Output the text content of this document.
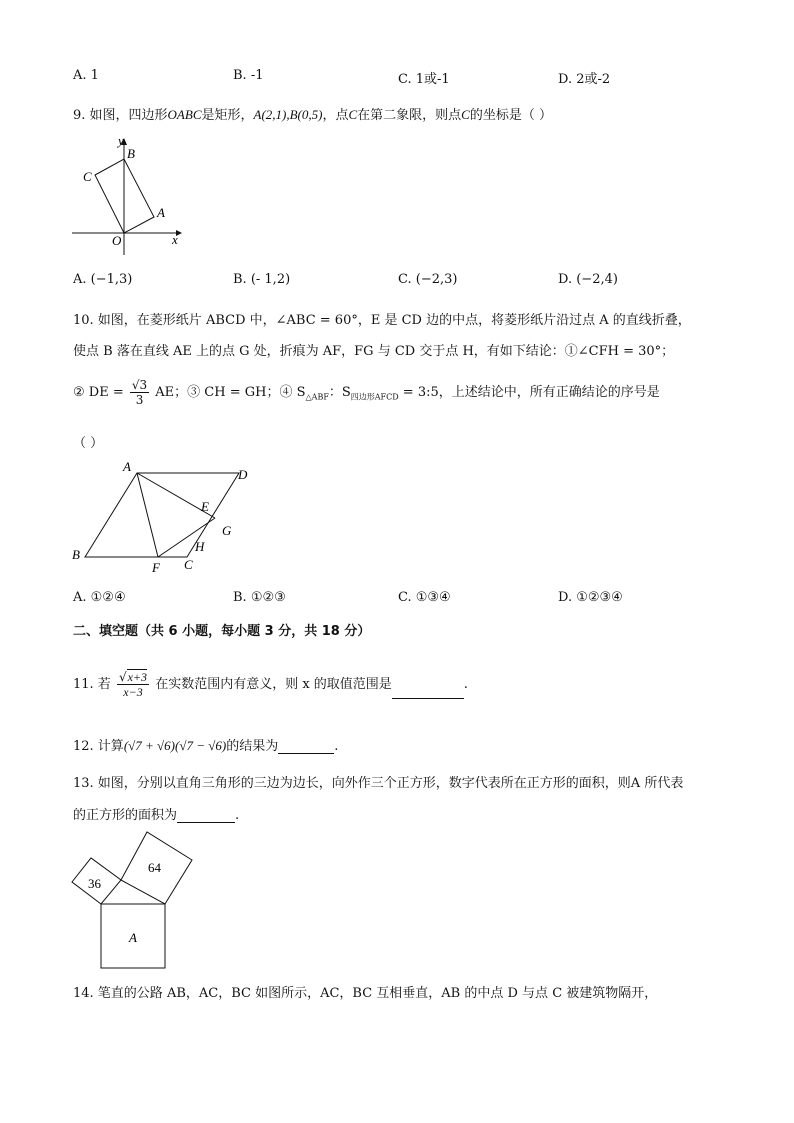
A. 1	B. -1	C. 1或-1	D. 2或-2
9. 如图，四边形OABC是矩形，A(2,1),B(0,5)，点C在第二象限，则点C的坐标是（ ）
y
x
O
A
B
C
A. (−1,3)	B. (- 1,2)	C. (−2,3)	D. (−2,4)
10. 如图，在菱形纸片 ABCD 中，∠ABC = 60°，E 是 CD 边的中点，将菱形纸片沿过点 A 的直线折叠，
使点 B 落在直线 AE 上的点 G 处，折痕为 AF，FG 与 CD 交于点 H，有如下结论：①∠CFH = 30°；
② DE = $\frac{√3}{3}$ AE；③ CH = GH；④ $S_{\triangle ABF}$：$S_{四边形AFCD}$ = 3:5，上述结论中，所有正确结论的序号是
（ ）
A
B
C
D
E
F
G
H
A. ①②④	B. ①②③	C. ①③④	D. ①②③④
二、填空题（共 6 小题，每小题 3 分，共 18 分）
11. 若 $\frac{√x+3}{x-3}$ 在实数范围内有意义，则 x 的取值范围是	.
12. 计算(√7 + √6)(√7 − √6)的结果为	.
13. 如图，分别以直角三角形的三边为边长，向外作三个正方形，数字代表所在正方形的面积，则A 所代表
的正方形的面积为	.
36
64
A
14. 笔直的公路 AB，AC，BC 如图所示，AC，BC 互相垂直，AB 的中点 D 与点 C 被建筑物隔开，
